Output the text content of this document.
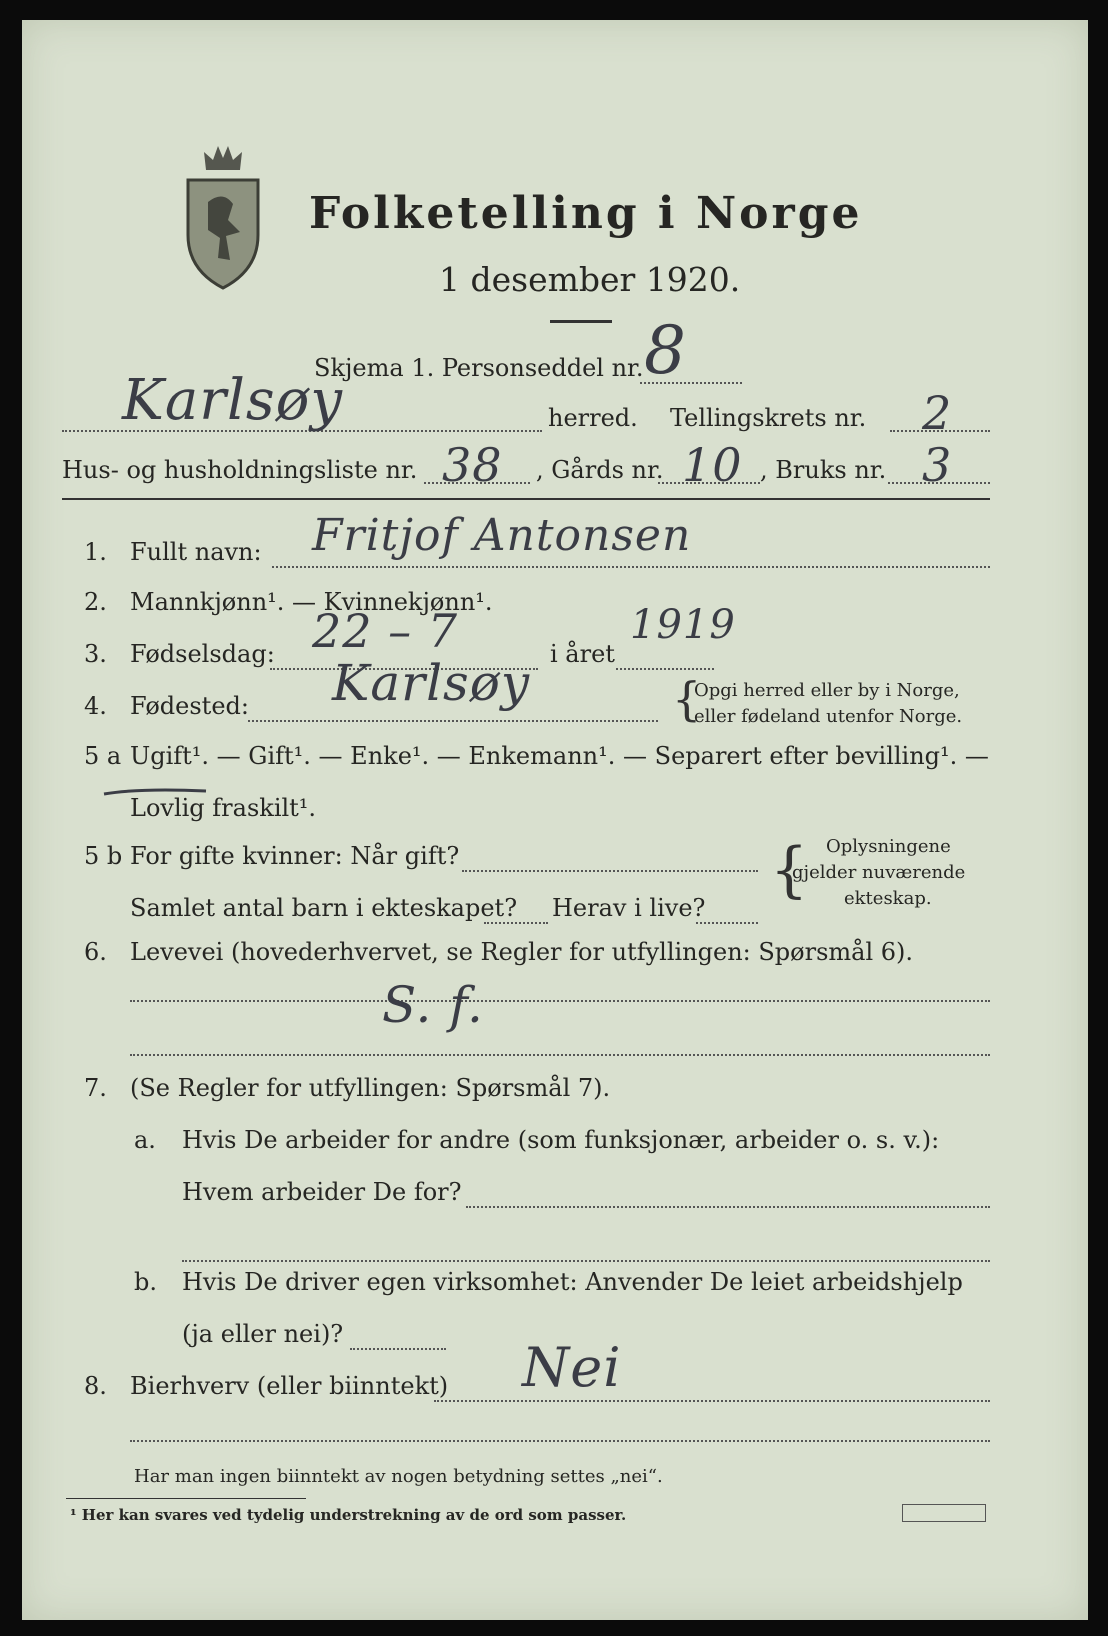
Folketelling i Norge
1 desember 1920.
Skjema 1. Personseddel nr. 8
Karlsøy	herred. Tellingskrets nr. 2
Hus- og husholdningsliste nr. 38 , Gårds nr. 10 , Bruks nr. 3
1. Fullt navn: Fritjof Antonsen
2. Mannkjønn¹. — Kvinnekjønn¹.
3. Fødselsdag: 22 – 7	i året
1919
4. Fødested: Karlsøy	{
Opgi herred eller by i Norge,
eller fødeland utenfor Norge.
5 a Ugift¹. — Gift¹. — Enke¹. — Enkemann¹. — Separert efter bevilling¹. —
Lovlig fraskilt¹.
5 b For gifte kvinner: Når gift?
Samlet antal barn i ekteskapet? Herav i live?
{ Oplysningene
gjelder nuværende
ekteskap.
6. Levevei (hovederhvervet, se Regler for utfyllingen: Spørsmål 6).
S. f.
7. (Se Regler for utfyllingen: Spørsmål 7).
a. Hvis De arbeider for andre (som funksjonær, arbeider o. s. v.):
Hvem arbeider De for?
b. Hvis De driver egen virksomhet: Anvender De leiet arbeidshjelp
(ja eller nei)?
8. Bierhverv (eller biinntekt) Nei
Har man ingen biinntekt av nogen betydning settes „nei“.
¹ Her kan svares ved tydelig understrekning av de ord som passer.
